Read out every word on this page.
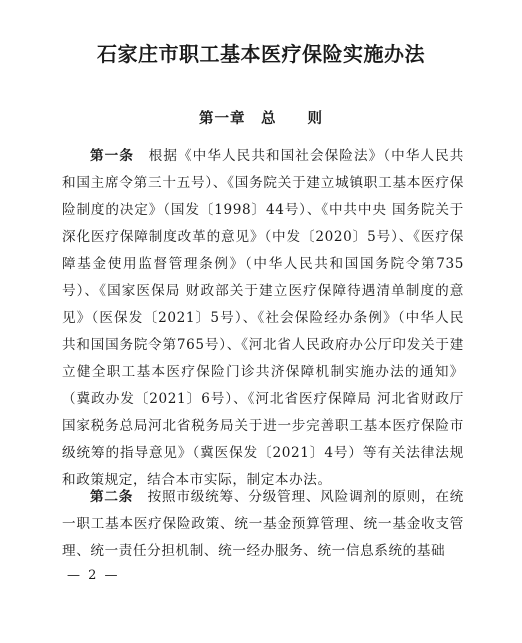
石家庄市职工基本医疗保险实施办法
第一章　总　　则

第一条　 根据《中华人民共和国社会保险法》（中华人民共和国主席令第三十五号）、《国务院关于建立城镇职工基本医疗保险制度的决定》（国发〔1998〕44号）、《中共中央 国务院关于深化医疗保障制度改革的意见》（中发〔2020〕5号）、《医疗保障基金使用监督管理条例》（中华人民共和国国务院令第735号）、《国家医保局 财政部关于建立医疗保障待遇清单制度的意见》（医保发〔2021〕5号）、《社会保险经办条例》（中华人民共和国国务院令第765号）、《河北省人民政府办公厅印发关于建立健全职工基本医疗保险门诊共济保障机制实施办法的通知》（冀政办发〔2021〕6号）、《河北省医疗保障局 河北省财政厅 国家税务总局河北省税务局关于进一步完善职工基本医疗保险市级统筹的指导意见》（冀医保发〔2021〕4号）等有关法律法规和政策规定，结合本市实际，制定本办法。

第二条　 按照市级统筹、分级管理、风险调剂的原则，在统一职工基本医疗保险政策、统一基金预算管理、统一基金收支管理、统一责任分担机制、统一经办服务、统一信息系统的基础

— 2 —
